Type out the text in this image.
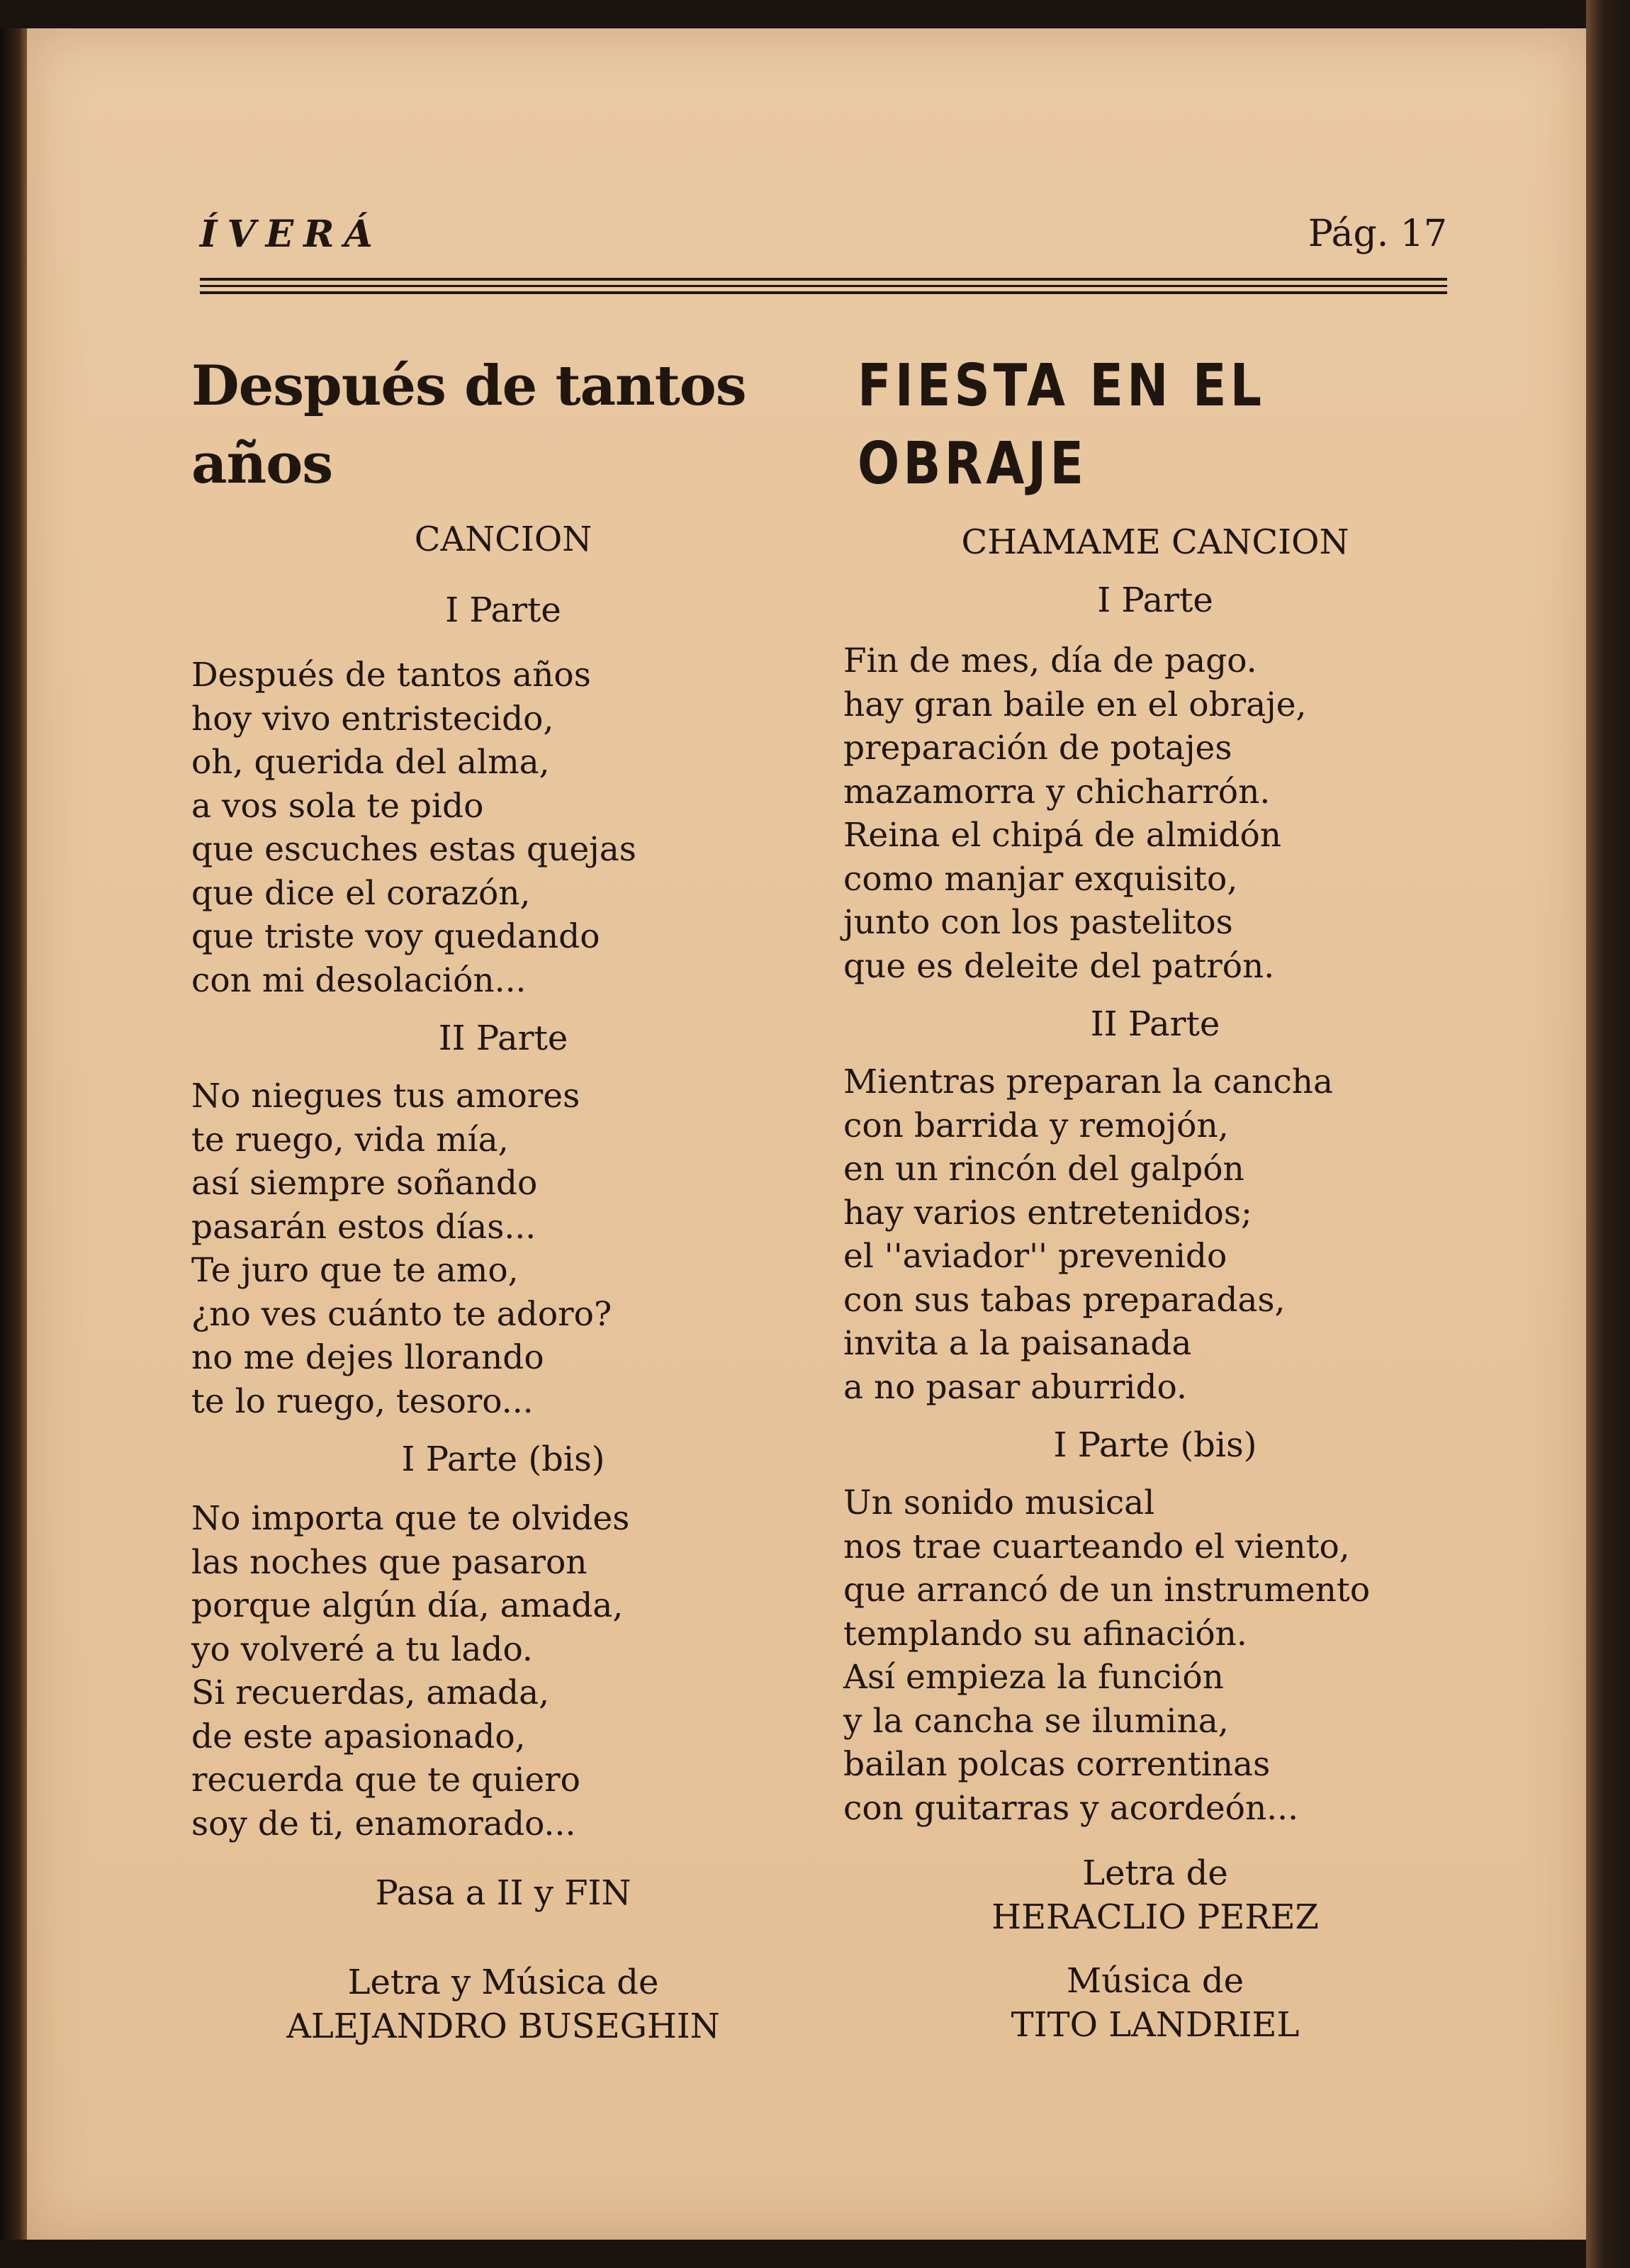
ÍVERÁ	Pág. 17
Después de tantos años
CANCION
I Parte
Después de tantos años
hoy vivo entristecido,
oh, querida del alma,
a vos sola te pido
que escuches estas quejas
que dice el corazón,
que triste voy quedando
con mi desolación...
II Parte
No niegues tus amores
te ruego, vida mía,
así siempre soñando
pasarán estos días...
Te juro que te amo,
¿no ves cuánto te adoro?
no me dejes llorando
te lo ruego, tesoro...
I Parte (bis)
No importa que te olvides
las noches que pasaron
porque algún día, amada,
yo volveré a tu lado.
Si recuerdas, amada,
de este apasionado,
recuerda que te quiero
soy de ti, enamorado...
Pasa a II y FIN
Letra y Música de
ALEJANDRO BUSEGHIN
FIESTA EN EL OBRAJE
CHAMAME CANCION
I Parte
Fin de mes, día de pago.
hay gran baile en el obraje,
preparación de potajes
mazamorra y chicharrón.
Reina el chipá de almidón
como manjar exquisito,
junto con los pastelitos
que es deleite del patrón.
II Parte
Mientras preparan la cancha
con barrida y remojón,
en un rincón del galpón
hay varios entretenidos;
el ''aviador'' prevenido
con sus tabas preparadas,
invita a la paisanada
a no pasar aburrido.
I Parte (bis)
Un sonido musical
nos trae cuarteando el viento,
que arrancó de un instrumento
templando su afinación.
Así empieza la función
y la cancha se ilumina,
bailan polcas correntinas
con guitarras y acordeón...
Letra de
HERACLIO PEREZ
Música de
TITO LANDRIEL
